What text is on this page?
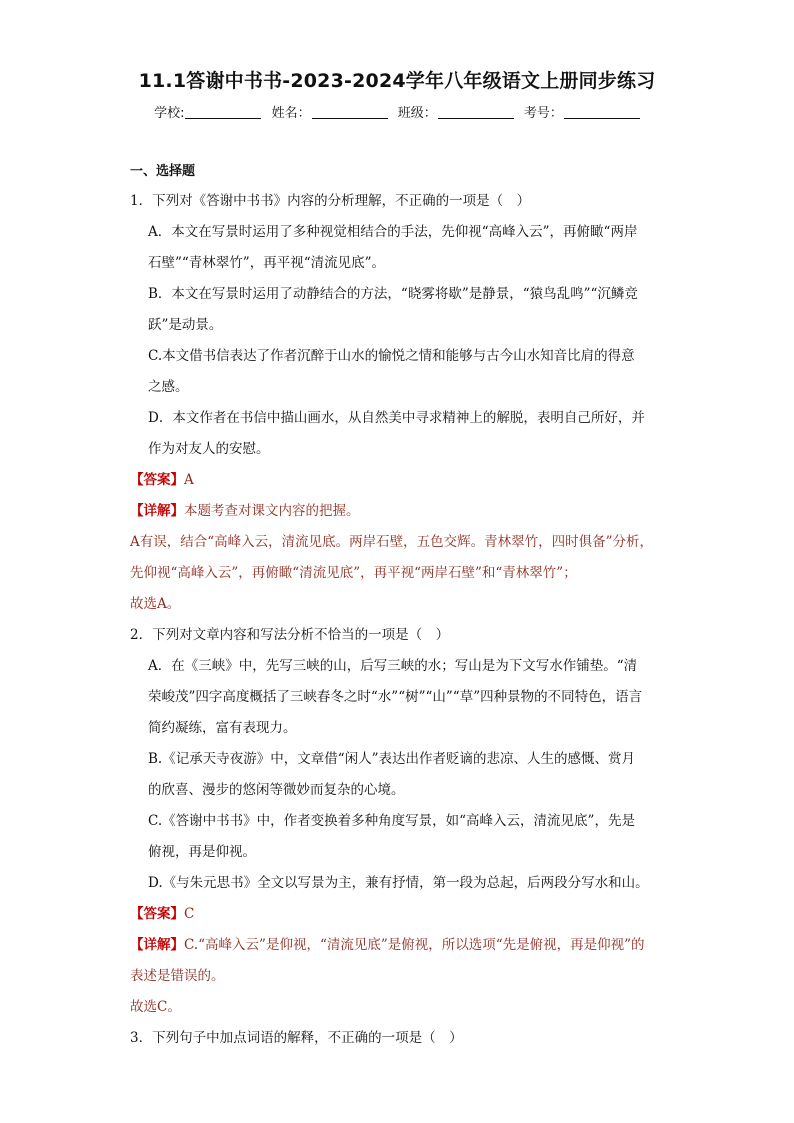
11.1答谢中书书-2023-2024学年八年级语文上册同步练习
学校:	姓名：	班级：	考号：
一、选择题
1．下列对《答谢中书书》内容的分析理解，不正确的一项是（　）
A．本文在写景时运用了多种视觉相结合的手法，先仰视“高峰入云”，再俯瞰“两岸
石壁”“青林翠竹”，再平视“清流见底”。
B．本文在写景时运用了动静结合的方法，“晓雾将歇”是静景，“猿鸟乱鸣”“沉鳞竞
跃”是动景。
C.本文借书信表达了作者沉醉于山水的愉悦之情和能够与古今山水知音比肩的得意
之感。
D．本文作者在书信中描山画水，从自然美中寻求精神上的解脱，表明自己所好，并
作为对友人的安慰。
【答案】A
【详解】本题考查对课文内容的把握。
A有误，结合“高峰入云，清流见底。两岸石壁，五色交辉。青林翠竹，四时俱备”分析，
先仰视“高峰入云”，再俯瞰“清流见底”，再平视“两岸石壁”和“青林翠竹”；
故选A。
2．下列对文章内容和写法分析不恰当的一项是（　）
A．在《三峡》中，先写三峡的山，后写三峡的水；写山是为下文写水作铺垫。“清
荣峻茂”四字高度概括了三峡春冬之时“水”“树”“山”“草”四种景物的不同特色，语言
简约凝练，富有表现力。
B.《记承天寺夜游》中，文章借“闲人”表达出作者贬谪的悲凉、人生的感慨、赏月
的欣喜、漫步的悠闲等微妙而复杂的心境。
C.《答谢中书书》中，作者变换着多种角度写景，如“高峰入云，清流见底”，先是
俯视，再是仰视。
D.《与朱元思书》全文以写景为主，兼有抒情，第一段为总起，后两段分写水和山。
【答案】C
【详解】C.“高峰入云”是仰视，“清流见底”是俯视，所以选项“先是俯视，再是仰视”的
表述是错误的。
故选C。
3．下列句子中加点词语的解释，不正确的一项是（　）
